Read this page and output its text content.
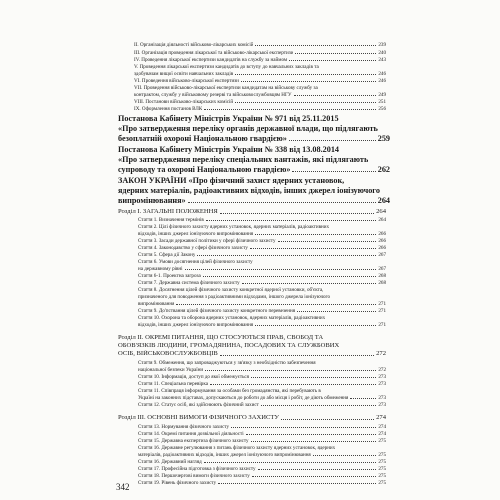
II. Організація діяльності військово-лікарських комісій	239
III. Організація проведення лікарської та військово-лікарської експертизи	240
IV. Проведення лікарської експертизи кандидатів на службу за наймом	243
V. Проведення лікарської експертизи кандидатів до вступу до навчальних закладів та
здобувачам вищої освіти навчальних закладів	246
VI. Проведення військово-лікарської експертизи	246
VII. Проведення військово-лікарської експертизи кандидатам на військову службу за
контрактом, службу у військовому резерві та військовослужбовцям НГУ	249
VIII. Постанови військово-лікарських комісій	251
IX. Оформлення постанов ВЛК	256
Постанова Кабінету Міністрів України № 971 від 25.11.2015
«Про затвердження переліку органів державної влади, що підлягають
безоплатній охороні Національною гвардією»	259
Постанова Кабінету Міністрів України № 338 від 13.08.2014
«Про затвердження переліку спеціальних вантажів, які підлягають
супроводу та охороні Національною гвардією»	262
ЗАКОН УКРАЇНИ «Про фізичний захист ядерних установок,
ядерних матеріалів, радіоактивних відходів, інших джерел іонізуючого
випромінювання»	264
Розділ I. ЗАГАЛЬНІ ПОЛОЖЕННЯ	264
Стаття 1. Визначення термінів	264
Стаття 2. Цілі фізичного захисту ядерних установок, ядерних матеріалів, радіоактивних
відходів, інших джерел іонізуючого випромінювання	266
Стаття 3. Засади державної політики у сфері фізичного захисту	266
Стаття 4. Законодавство у сфері фізичного захисту	266
Стаття 5. Сфера дії Закону	267
Стаття 6. Умови досягнення цілей фізичного захисту
на державному рівні	267
Стаття 6-1. Проектна загроза	268
Стаття 7. Державна система фізичного захисту	268
Стаття 8. Досягнення цілей фізичного захисту конкретної ядерної установки, об'єкта,
призначеного для поводження з радіоактивними відходами, іншого джерела іонізуючого
випромінювання	271
Стаття 9. До'пствання цілей фізичного захисту конкретного перевезення	271
Стаття 10. Охорона та оборона ядерних установок, ядерних матеріалів, радіоактивних
відходів, інших джерел іонізуючого випромінювання	271
Розділ II. ОКРЕМІ ПИТАННЯ, ЩО СТОСУЮТЬСЯ ПРАВ, СВОБОД ТА
ОБОВ'ЯЗКІВ ЛЮДИНИ, ГРОМАДЯНИНА, ПОСАДОВИХ ТА СЛУЖБОВИХ
ОСІБ, ВІЙСЬКОВОСЛУЖБОВЦІВ	272
Стаття 9. Обмеження, що запроваджуються у зв'язку з необхідністю забезпечення
національної безпеки України	272
Стаття 10. Інформація, доступ до якої обмежується	273
Стаття 11. Спеціальна перевірка	273
Стаття 11. Співпраця інформування за особами без громадянства, які перебувають в
Україні на законних підставах, допускаються до роботи до або місця і робіт, де діють обмеження	273
Стаття 12. Статус осіб, які здійснюють фізичний захист	273
Розділ III. ОСНОВНІ ВИМОГИ ФІЗИЧНОГО ЗАХИСТУ	274
Стаття 13. Нормування фізичного захисту	274
Стаття 14. Окремі питання дозвільної діяльності	274
Стаття 15. Державна експертиза фізичного захисту	275
Стаття 16. Державне регулювання з питань фізичного захисту ядерних установок, ядерних
матеріалів, радіоактивних відходів, інших джерел іонізуючого випромінювання	275
Стаття 16. Державний нагляд	275
Стаття 17. Професійна підготовка з фізичного захисту	275
Стаття 18. Першочергові вимоги фізичного захисту	275
Стаття 19. Рівень фізичного захисту	275
342
